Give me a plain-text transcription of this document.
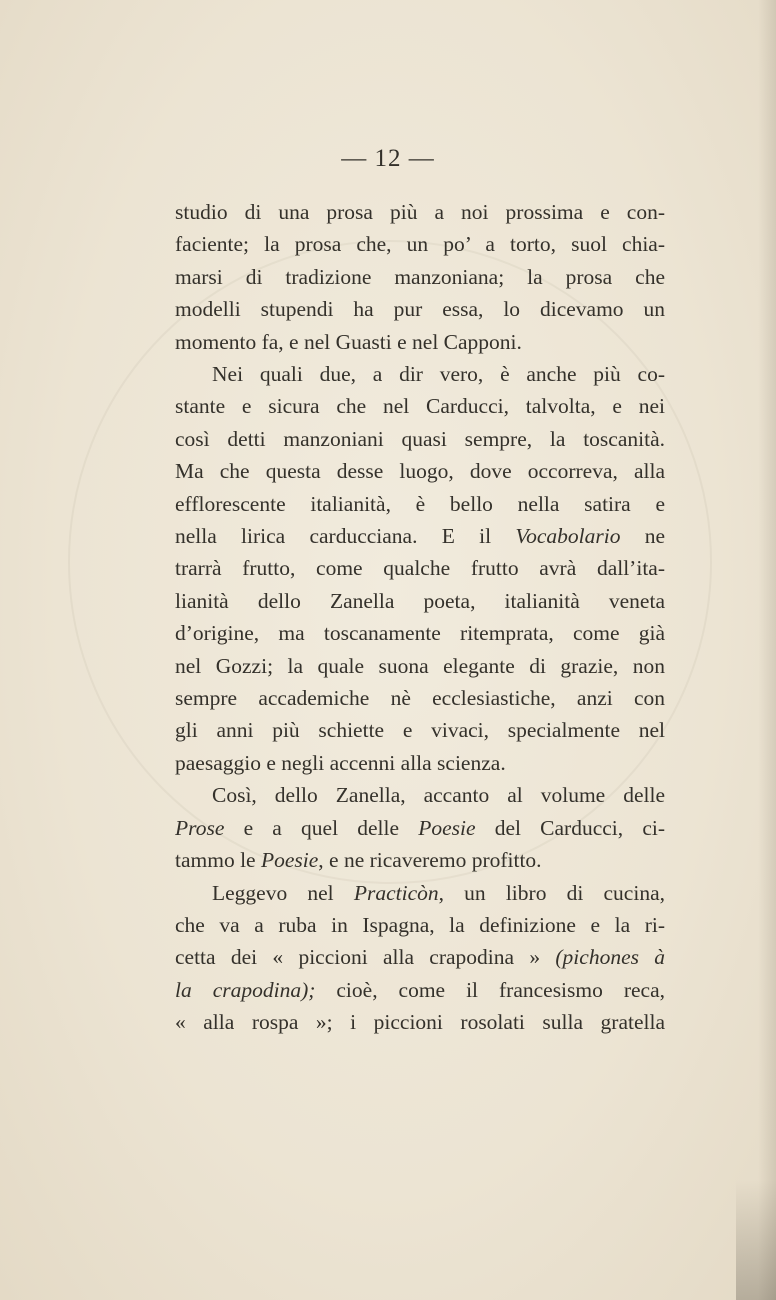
— 12 —
studio di una prosa più a noi prossima e con-
faciente; la prosa che, un po’ a torto, suol chia-
marsi di tradizione manzoniana; la prosa che
modelli stupendi ha pur essa, lo dicevamo un
momento fa, e nel Guasti e nel Capponi.
Nei quali due, a dir vero, è anche più co-
stante e sicura che nel Carducci, talvolta, e nei
così detti manzoniani quasi sempre, la toscanità.
Ma che questa desse luogo, dove occorreva, alla
efflorescente italianità, è bello nella satira e
nella lirica carducciana. E il Vocabolario ne
trarrà frutto, come qualche frutto avrà dall’ita-
lianità dello Zanella poeta, italianità veneta
d’origine, ma toscanamente ritemprata, come già
nel Gozzi; la quale suona elegante di grazie, non
sempre accademiche nè ecclesiastiche, anzi con
gli anni più schiette e vivaci, specialmente nel
paesaggio e negli accenni alla scienza.
Così, dello Zanella, accanto al volume delle
Prose e a quel delle Poesie del Carducci, ci-
tammo le Poesie, e ne ricaveremo profitto.
Leggevo nel Practicòn, un libro di cucina,
che va a ruba in Ispagna, la definizione e la ri-
cetta dei « piccioni alla crapodina » (pichones à
la crapodina); cioè, come il francesismo reca,
« alla rospa »; i piccioni rosolati sulla gratella
